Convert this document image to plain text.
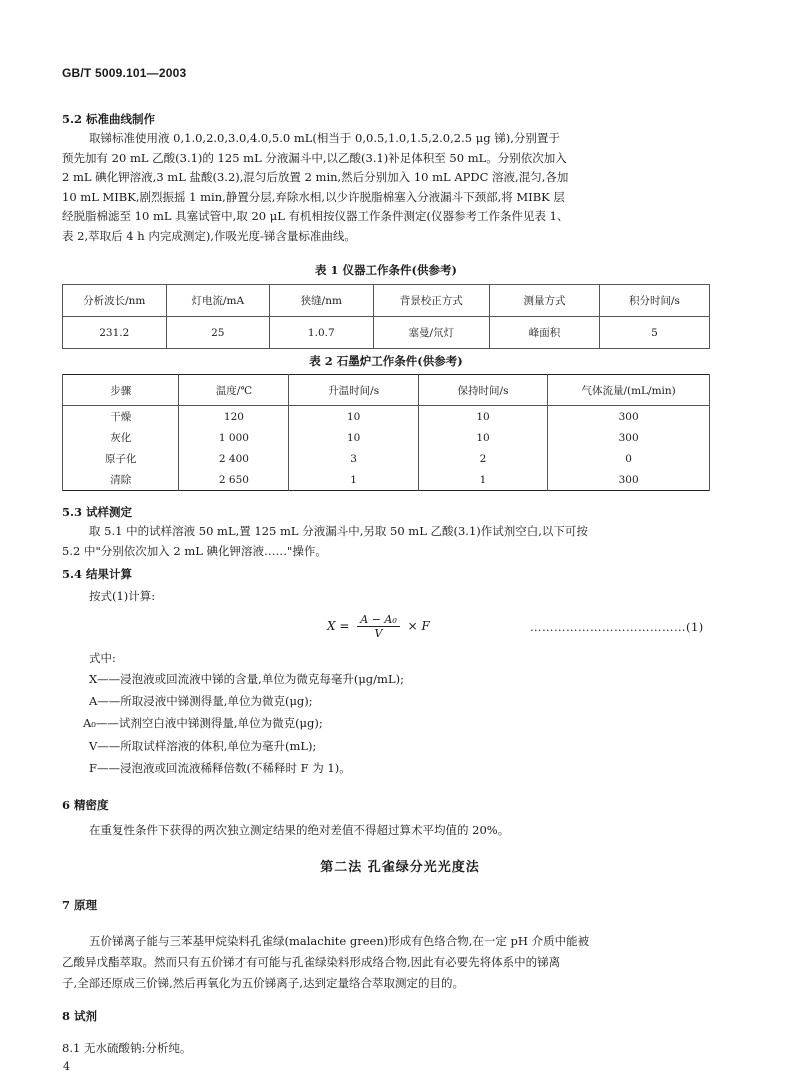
GB/T 5009.101—2003
5.2 标准曲线制作
取锑标准使用液 0,1.0,2.0,3.0,4.0,5.0 mL(相当于 0,0.5,1.0,1.5,2.0,2.5 μg 锑),分别置于
预先加有 20 mL 乙酸(3.1)的 125 mL 分液漏斗中,以乙酸(3.1)补足体积至 50 mL。分别依次加入
2 mL 碘化钾溶液,3 mL 盐酸(3.2),混匀后放置 2 min,然后分别加入 10 mL APDC 溶液,混匀,各加
10 mL MIBK,剧烈振摇 1 min,静置分层,弃除水相,以少许脱脂棉塞入分液漏斗下颈部,将 MIBK 层
经脱脂棉滤至 10 mL 具塞试管中,取 20 μL 有机相按仪器工作条件测定(仪器参考工作条件见表 1、
表 2,萃取后 4 h 内完成测定),作吸光度-锑含量标准曲线。
表 1 仪器工作条件(供参考)
分析波长/nm	灯电流/mA	狭缝/nm	背景校正方式	测量方式	积分时间/s
231.2	25	1.0.7	塞曼/氘灯	峰面积	5
表 2 石墨炉工作条件(供参考)
步骤	温度/℃	升温时间/s	保持时间/s	气体流量/(mL/min)
干燥	120	10	10	300
灰化	1 000	10	10	300
原子化	2 400	3	2	0
清除	2 650	1	1	300
5.3 试样测定
取 5.1 中的试样溶液 50 mL,置 125 mL 分液漏斗中,另取 50 mL 乙酸(3.1)作试剂空白,以下可按
5.2 中"分别依次加入 2 mL 碘化钾溶液……"操作。
5.4 结果计算
按式(1)计算:
$X = \frac{\text{A − A₀}}{V} \times F$	…………………………………(1)
式中:
X——浸泡液或回流液中锑的含量,单位为微克每毫升(μg/mL);
A——所取浸液中锑测得量,单位为微克(μg);
A₀——试剂空白液中锑测得量,单位为微克(μg);
V——所取试样溶液的体积,单位为毫升(mL);
F——浸泡液或回流液稀释倍数(不稀释时 F 为 1)。
6 精密度
在重复性条件下获得的两次独立测定结果的绝对差值不得超过算术平均值的 20%。
第二法 孔雀绿分光光度法
7 原理
五价锑离子能与三苯基甲烷染料孔雀绿(malachite green)形成有色络合物,在一定 pH 介质中能被
乙酸异戊酯萃取。然而只有五价锑才有可能与孔雀绿染料形成络合物,因此有必要先将体系中的锑离
子,全部还原成三价锑,然后再氧化为五价锑离子,达到定量络合萃取测定的目的。
8 试剂
8.1 无水硫酸钠:分析纯。
4
